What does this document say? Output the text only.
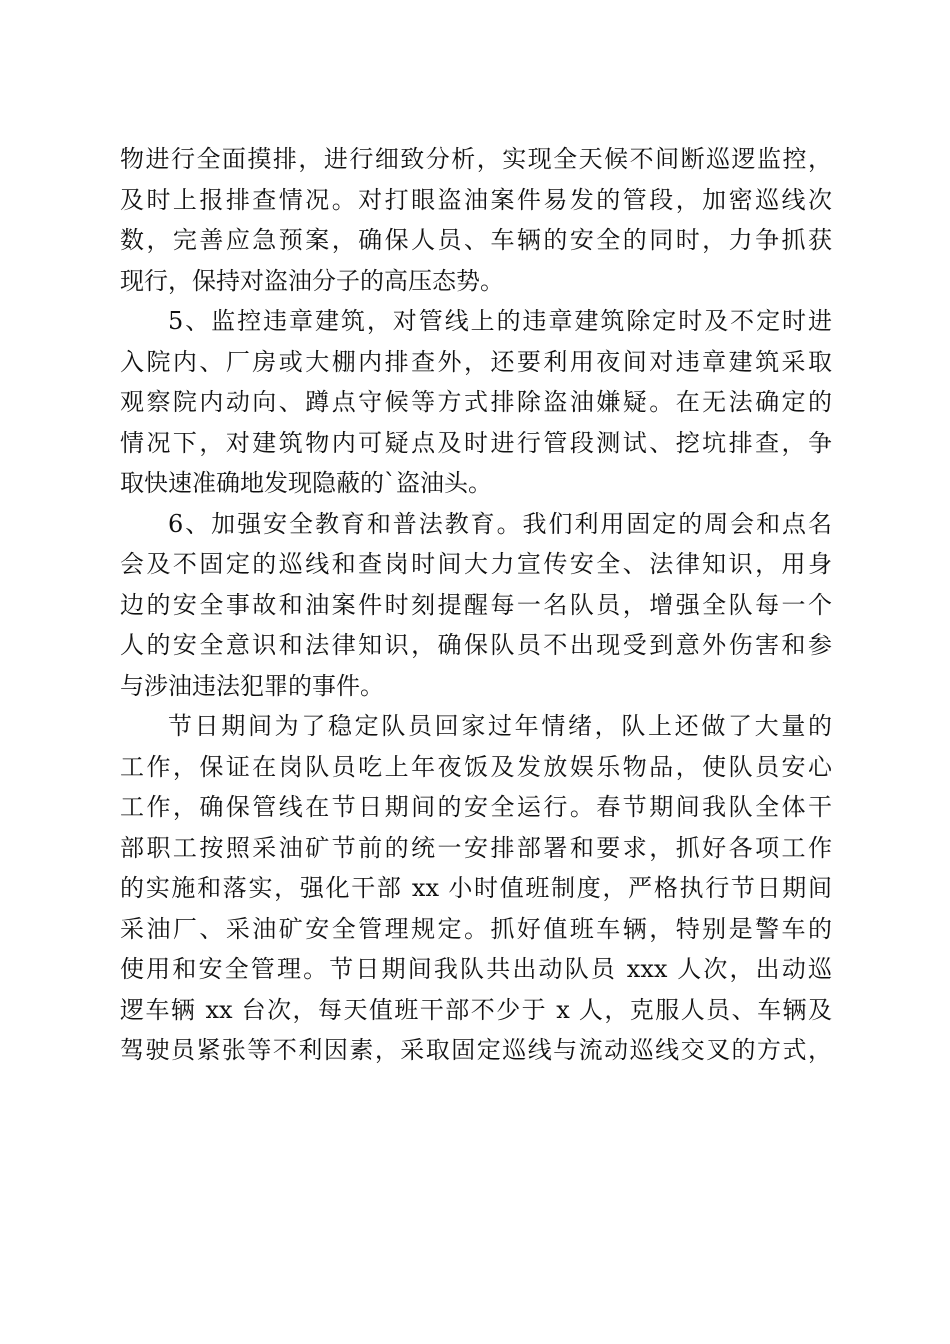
物进行全面摸排，进行细致分析，实现全天候不间断巡逻监控，
及时上报排查情况。对打眼盗油案件易发的管段，加密巡线次
数，完善应急预案，确保人员、车辆的安全的同时，力争抓获
现行，保持对盗油分子的高压态势。
5、监控违章建筑，对管线上的违章建筑除定时及不定时进
入院内、厂房或大棚内排查外，还要利用夜间对违章建筑采取
观察院内动向、蹲点守候等方式排除盗油嫌疑。在无法确定的
情况下，对建筑物内可疑点及时进行管段测试、挖坑排查，争
取快速准确地发现隐蔽的`盗油头。
6、加强安全教育和普法教育。我们利用固定的周会和点名
会及不固定的巡线和查岗时间大力宣传安全、法律知识，用身
边的安全事故和油案件时刻提醒每一名队员，增强全队每一个
人的安全意识和法律知识，确保队员不出现受到意外伤害和参
与涉油违法犯罪的事件。
节日期间为了稳定队员回家过年情绪，队上还做了大量的
工作，保证在岗队员吃上年夜饭及发放娱乐物品，使队员安心
工作，确保管线在节日期间的安全运行。春节期间我队全体干
部职工按照采油矿节前的统一安排部署和要求，抓好各项工作
的实施和落实，强化干部 xx 小时值班制度，严格执行节日期间
采油厂、采油矿安全管理规定。抓好值班车辆，特别是警车的
使用和安全管理。节日期间我队共出动队员 xxx 人次，出动巡
逻车辆 xx 台次，每天值班干部不少于 x 人，克服人员、车辆及
驾驶员紧张等不利因素，采取固定巡线与流动巡线交叉的方式，
